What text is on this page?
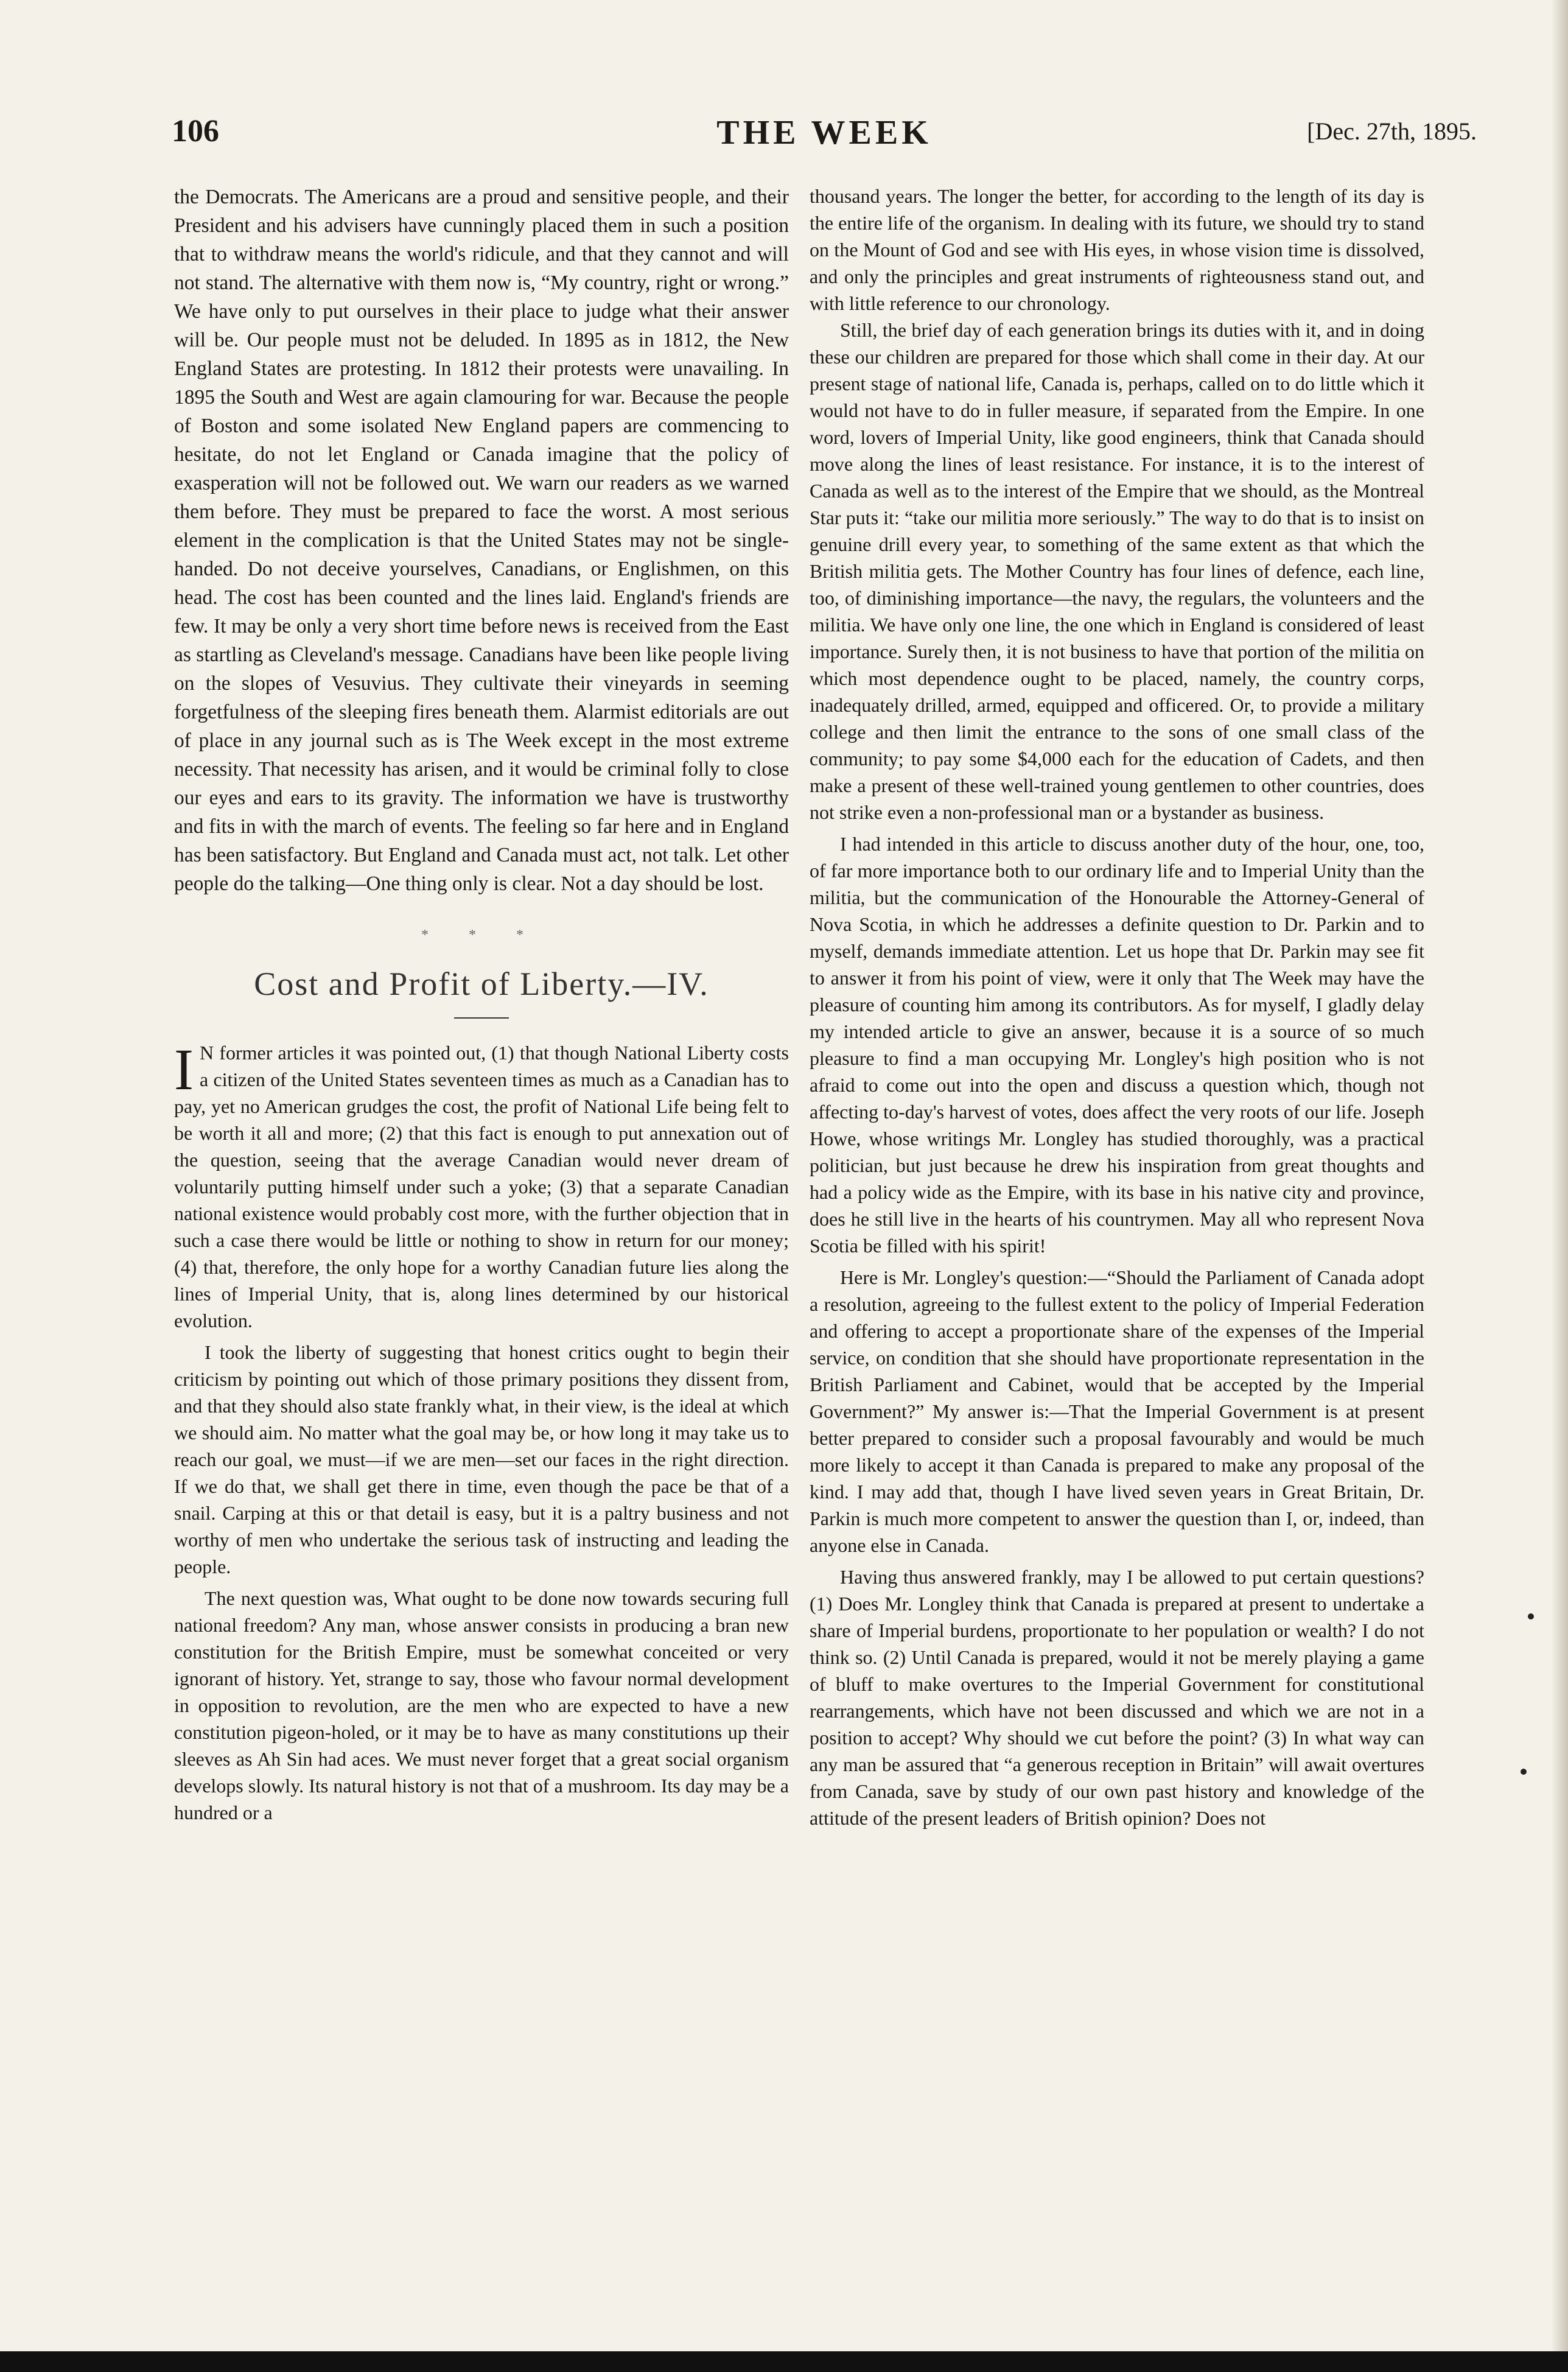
106	THE WEEK	[Dec. 27th, 1895.

the Democrats. The Americans are a proud and sensitive people, and their President and his advisers have cunningly placed them in such a position that to withdraw means the world's ridicule, and that they cannot and will not stand. The alternative with them now is, “My country, right or wrong.” We have only to put ourselves in their place to judge what their answer will be. Our people must not be deluded. In 1895 as in 1812, the New England States are protesting. In 1812 their protests were unavailing. In 1895 the South and West are again clamouring for war. Because the people of Boston and some isolated New England papers are commencing to hesitate, do not let England or Canada imagine that the policy of exasperation will not be followed out. We warn our readers as we warned them before. They must be prepared to face the worst. A most serious element in the complication is that the United States may not be single-handed. Do not deceive yourselves, Canadians, or Englishmen, on this head. The cost has been counted and the lines laid. England's friends are few. It may be only a very short time before news is received from the East as startling as Cleveland's message. Canadians have been like people living on the slopes of Vesuvius. They cultivate their vineyards in seeming forgetfulness of the sleeping fires beneath them. Alarmist editorials are out of place in any journal such as is The Week except in the most extreme necessity. That necessity has arisen, and it would be criminal folly to close our eyes and ears to its gravity. The information we have is trustworthy and fits in with the march of events. The feeling so far here and in England has been satisfactory. But England and Canada must act, not talk. Let other people do the talking—One thing only is clear. Not a day should be lost.

* * *
Cost and Profit of Liberty.—IV.

I N former articles it was pointed out, (1) that though National Liberty costs a citizen of the United States seventeen times as much as a Canadian has to pay, yet no American grudges the cost, the profit of National Life being felt to be worth it all and more; (2) that this fact is enough to put annexation out of the question, seeing that the average Canadian would never dream of voluntarily putting himself under such a yoke; (3) that a separate Canadian national existence would probably cost more, with the further objection that in such a case there would be little or nothing to show in return for our money; (4) that, therefore, the only hope for a worthy Canadian future lies along the lines of Imperial Unity, that is, along lines determined by our historical evolution.

I took the liberty of suggesting that honest critics ought to begin their criticism by pointing out which of those primary positions they dissent from, and that they should also state frankly what, in their view, is the ideal at which we should aim. No matter what the goal may be, or how long it may take us to reach our goal, we must—if we are men—set our faces in the right direction. If we do that, we shall get there in time, even though the pace be that of a snail. Carping at this or that detail is easy, but it is a paltry business and not worthy of men who undertake the serious task of instructing and leading the people.

The next question was, What ought to be done now towards securing full national freedom? Any man, whose answer consists in producing a bran new constitution for the British Empire, must be somewhat conceited or very ignorant of history. Yet, strange to say, those who favour normal development in opposition to revolution, are the men who are expected to have a new constitution pigeon-holed, or it may be to have as many constitutions up their sleeves as Ah Sin had aces. We must never forget that a great social organism develops slowly. Its natural history is not that of a mushroom. Its day may be a hundred or a

thousand years. The longer the better, for according to the length of its day is the entire life of the organism. In dealing with its future, we should try to stand on the Mount of God and see with His eyes, in whose vision time is dissolved, and only the principles and great instruments of righteousness stand out, and with little reference to our chronology.

Still, the brief day of each generation brings its duties with it, and in doing these our children are prepared for those which shall come in their day. At our present stage of national life, Canada is, perhaps, called on to do little which it would not have to do in fuller measure, if separated from the Empire. In one word, lovers of Imperial Unity, like good engineers, think that Canada should move along the lines of least resistance. For instance, it is to the interest of Canada as well as to the interest of the Empire that we should, as the Montreal Star puts it: “take our militia more seriously.” The way to do that is to insist on genuine drill every year, to something of the same extent as that which the British militia gets. The Mother Country has four lines of defence, each line, too, of diminishing importance—the navy, the regulars, the volunteers and the militia. We have only one line, the one which in England is considered of least importance. Surely then, it is not business to have that portion of the militia on which most dependence ought to be placed, namely, the country corps, inadequately drilled, armed, equipped and officered. Or, to provide a military college and then limit the entrance to the sons of one small class of the community; to pay some $4,000 each for the education of Cadets, and then make a present of these well-trained young gentlemen to other countries, does not strike even a non-professional man or a bystander as business.

I had intended in this article to discuss another duty of the hour, one, too, of far more importance both to our ordinary life and to Imperial Unity than the militia, but the communication of the Honourable the Attorney-General of Nova Scotia, in which he addresses a definite question to Dr. Parkin and to myself, demands immediate attention. Let us hope that Dr. Parkin may see fit to answer it from his point of view, were it only that The Week may have the pleasure of counting him among its contributors. As for myself, I gladly delay my intended article to give an answer, because it is a source of so much pleasure to find a man occupying Mr. Longley's high position who is not afraid to come out into the open and discuss a question which, though not affecting to-day's harvest of votes, does affect the very roots of our life. Joseph Howe, whose writings Mr. Longley has studied thoroughly, was a practical politician, but just because he drew his inspiration from great thoughts and had a policy wide as the Empire, with its base in his native city and province, does he still live in the hearts of his countrymen. May all who represent Nova Scotia be filled with his spirit!

Here is Mr. Longley's question:—“Should the Parliament of Canada adopt a resolution, agreeing to the fullest extent to the policy of Imperial Federation and offering to accept a proportionate share of the expenses of the Imperial service, on condition that she should have proportionate representation in the British Parliament and Cabinet, would that be accepted by the Imperial Government?” My answer is:—That the Imperial Government is at present better prepared to consider such a proposal favourably and would be much more likely to accept it than Canada is prepared to make any proposal of the kind. I may add that, though I have lived seven years in Great Britain, Dr. Parkin is much more competent to answer the question than I, or, indeed, than anyone else in Canada.

Having thus answered frankly, may I be allowed to put certain questions? (1) Does Mr. Longley think that Canada is prepared at present to undertake a share of Imperial burdens, proportionate to her population or wealth? I do not think so. (2) Until Canada is prepared, would it not be merely playing a game of bluff to make overtures to the Imperial Government for constitutional rearrangements, which have not been discussed and which we are not in a position to accept? Why should we cut before the point? (3) In what way can any man be assured that “a generous reception in Britain” will await overtures from Canada, save by study of our own past history and knowledge of the attitude of the present leaders of British opinion? Does not
